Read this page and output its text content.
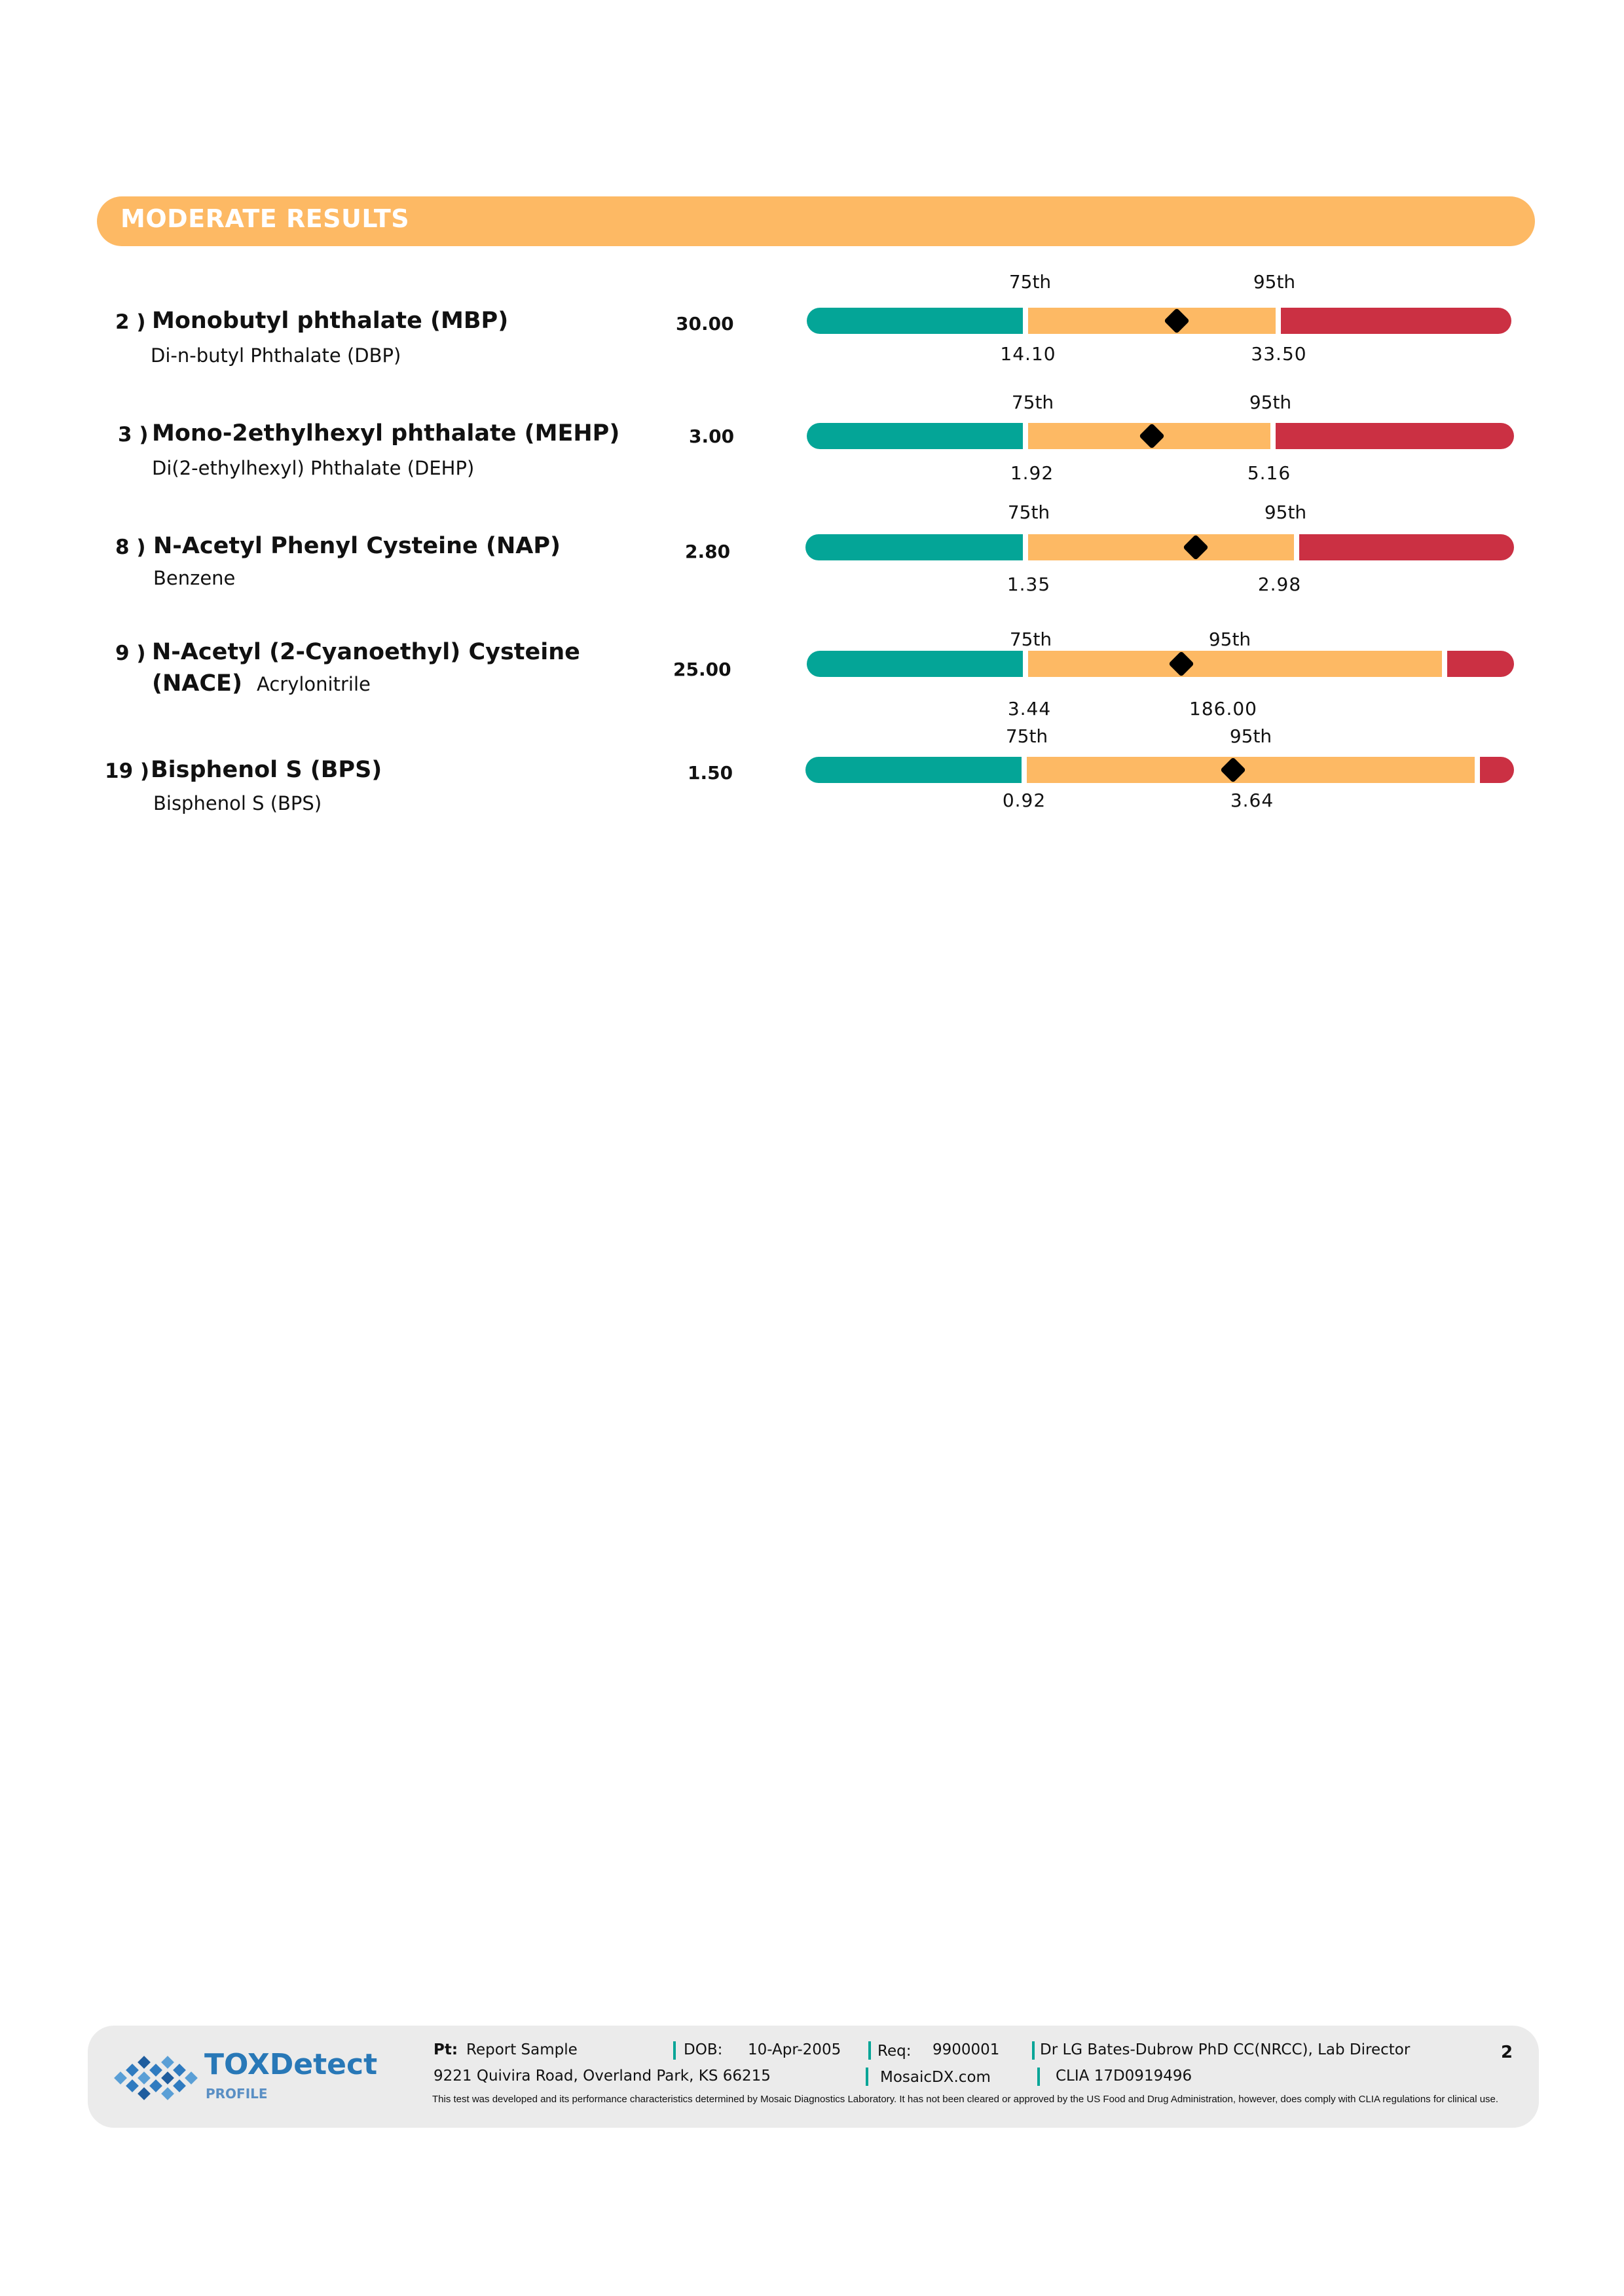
MODERATE RESULTS
2 ) Monobutyl phthalate (MBP)
Di-n-butyl Phthalate (DBP)
30.00
75th	95th
14.10	33.50
3 ) Mono-2ethylhexyl phthalate (MEHP)
Di(2-ethylhexyl) Phthalate (DEHP)
3.00
75th	95th
1.92	5.16
8 ) N-Acetyl Phenyl Cysteine (NAP)
Benzene
2.80
75th	95th
1.35	2.98
9 ) N-Acetyl (2-Cyanoethyl) Cysteine
(NACE) Acrylonitrile
25.00
75th	95th
3.44	186.00
19 ) Bisphenol S (BPS)
Bisphenol S (BPS)
1.50
75th	95th
0.92	3.64
TOXDetect
PROFILE
Pt: Report Sample	DOB: 10-Apr-2005 Req: 9900001	Dr LG Bates-Dubrow PhD CC(NRCC), Lab Director
9221 Quivira Road, Overland Park, KS 66215	MosaicDX.com	CLIA 17D0919496
This test was developed and its performance characteristics determined by Mosaic Diagnostics Laboratory. It has not been cleared or approved by the US Food and Drug Administration, however, does comply with CLIA regulations for clinical use.
2
